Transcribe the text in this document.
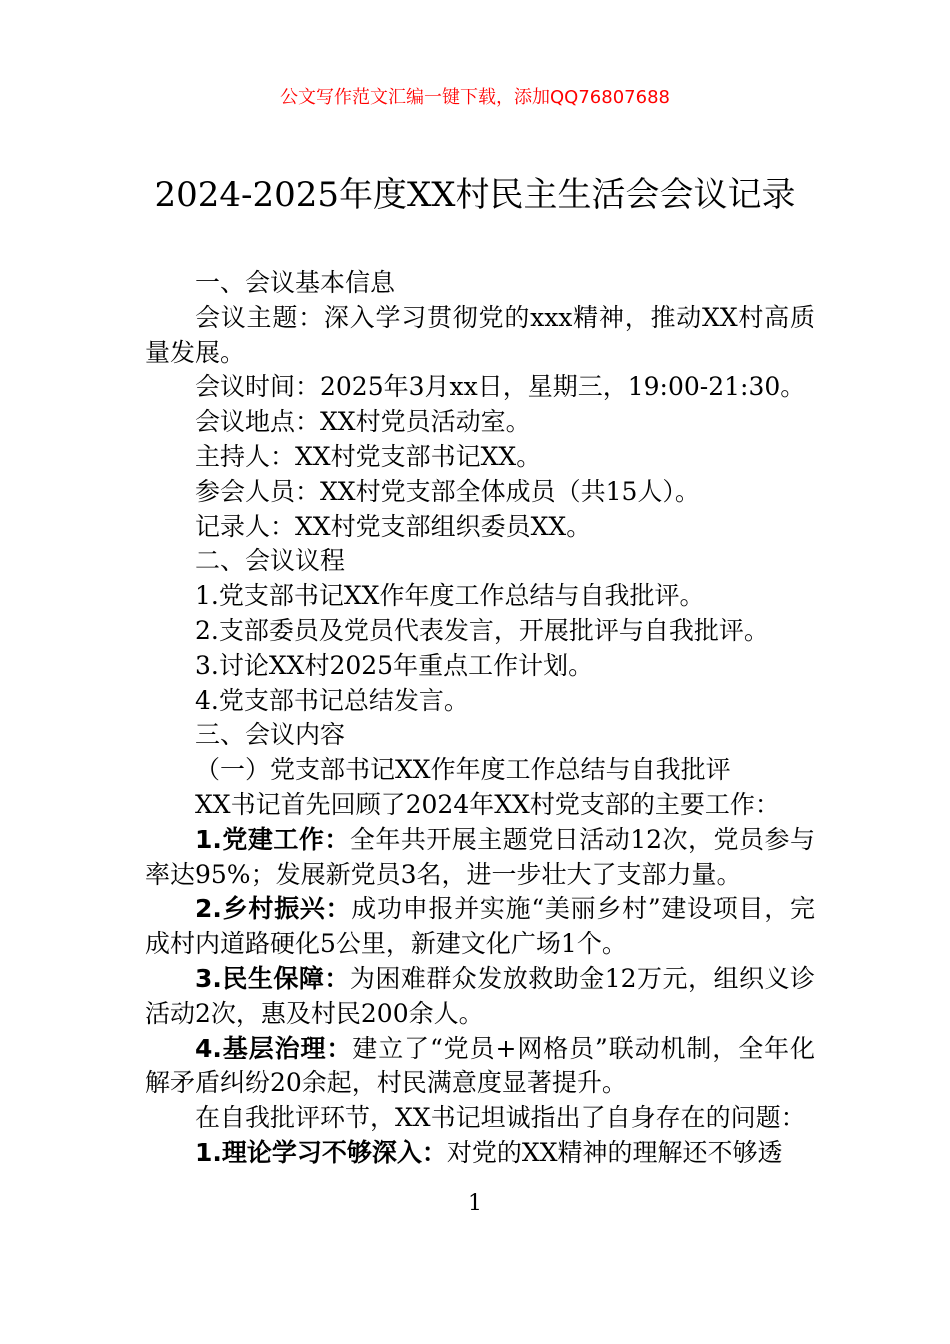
公文写作范文汇编一键下载，添加QQ76807688
2024-2025年度XX村民主生活会会议记录

一、会议基本信息

会议主题：深入学习贯彻党的xxx精神，推动XX村高质量发展。

会议时间：2025年3月xx日，星期三，19:00-21:30。

会议地点：XX村党员活动室。

主持人：XX村党支部书记XX。

参会人员：XX村党支部全体成员（共15人）。

记录人：XX村党支部组织委员XX。

二、会议议程

1.党支部书记XX作年度工作总结与自我批评。

2.支部委员及党员代表发言，开展批评与自我批评。

3.讨论XX村2025年重点工作计划。

4.党支部书记总结发言。

三、会议内容

（一）党支部书记XX作年度工作总结与自我批评

XX书记首先回顾了2024年XX村党支部的主要工作：

1.党建工作：全年共开展主题党日活动12次，党员参与率达95%；发展新党员3名，进一步壮大了支部力量。

2.乡村振兴：成功申报并实施“美丽乡村”建设项目，完成村内道路硬化5公里，新建文化广场1个。

3.民生保障：为困难群众发放救助金12万元，组织义诊活动2次，惠及村民200余人。

4.基层治理：建立了“党员+网格员”联动机制，全年化解矛盾纠纷20余起，村民满意度显著提升。

在自我批评环节，XX书记坦诚指出了自身存在的问题：

1.理论学习不够深入：对党的XX精神的理解还不够透

1
